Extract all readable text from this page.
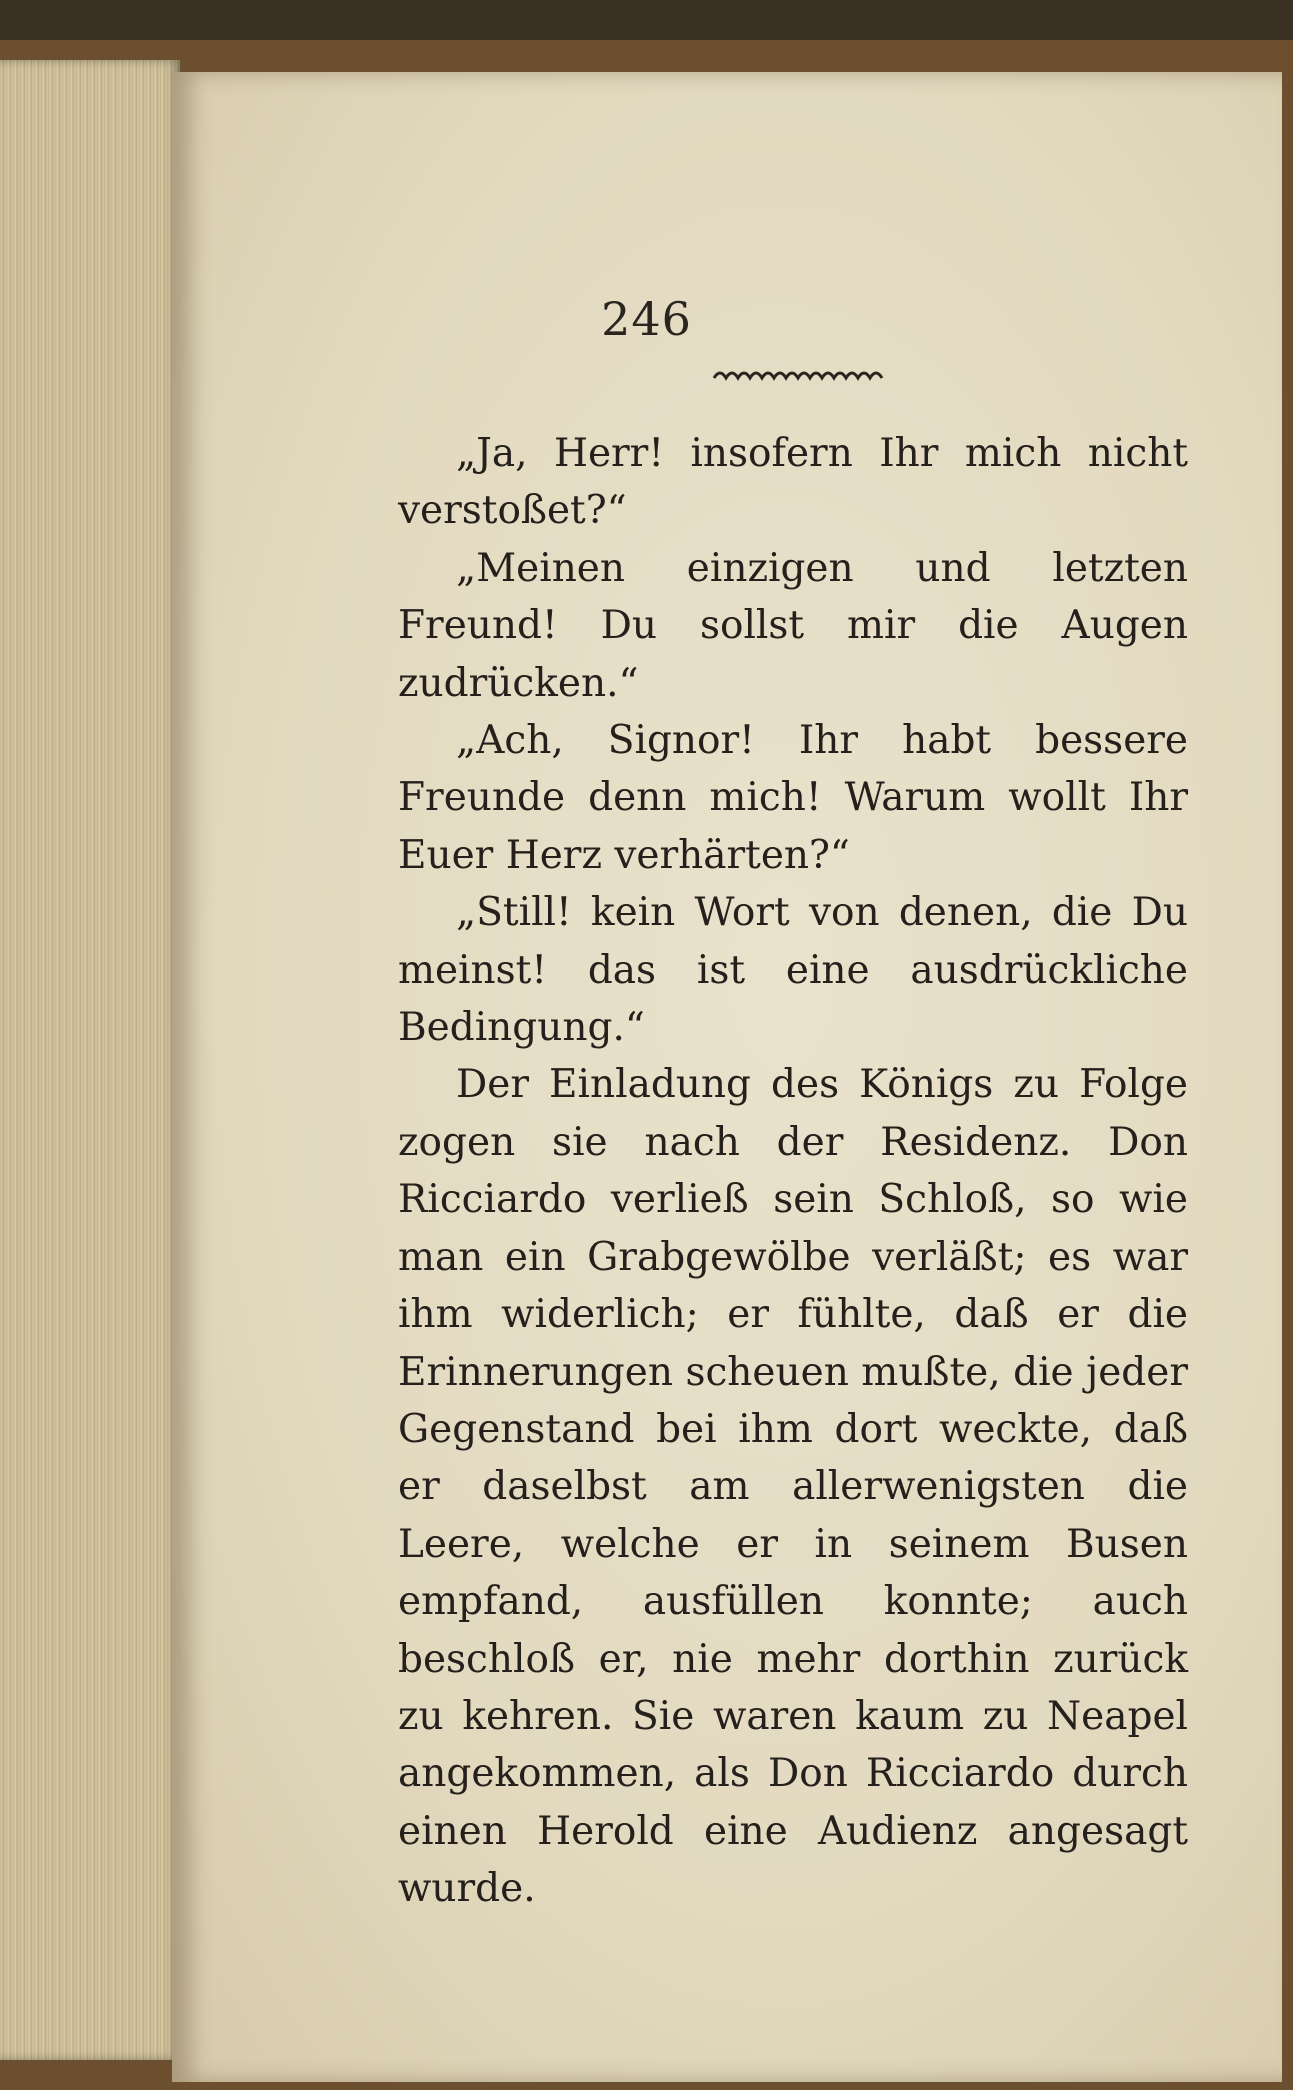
246

„Ja, Herr! insofern Ihr mich nicht verstoßet?“

„Meinen einzigen und letzten Freund! Du sollst mir die Augen zudrücken.“

„Ach, Signor! Ihr habt bessere Freunde denn mich! Warum wollt Ihr Euer Herz verhärten?“

„Still! kein Wort von denen, die Du meinst! das ist eine ausdrückliche Bedingung.“

Der Einladung des Königs zu Folge zogen sie nach der Residenz. Don Ricciardo verließ sein Schloß, so wie man ein Grabgewölbe verläßt; es war ihm widerlich; er fühlte, daß er die Erinnerungen scheuen mußte, die jeder Gegenstand bei ihm dort weckte, daß er daselbst am allerwenigsten die Leere, welche er in seinem Busen empfand, ausfüllen konnte; auch beschloß er, nie mehr dorthin zurück zu kehren. Sie waren kaum zu Neapel angekommen, als Don Ricciardo durch einen Herold eine Audienz angesagt wurde.
